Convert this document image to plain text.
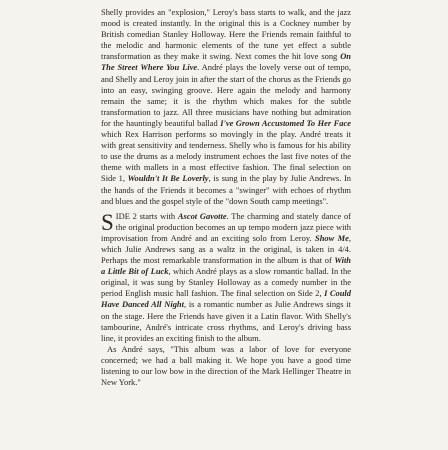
Shelly provides an "explosion," Leroy's bass starts to walk, and the jazz mood is created instantly. In the original this is a Cockney number by British comedian Stanley Holloway. Here the Friends remain faithful to the melodic and harmonic elements of the tune yet effect a subtle transformation as they make it swing. Next comes the hit love song On The Street Where You Live. André plays the lovely verse out of tempo, and Shelly and Leroy join in after the start of the chorus as the Friends go into an easy, swinging groove. Here again the melody and harmony remain the same; it is the rhythm which makes for the subtle transformation to jazz. All three musicians have nothing but admiration for the hauntingly beautiful ballad I've Grown Accustomed To Her Face which Rex Harrison performs so movingly in the play. André treats it with great sensitivity and tenderness. Shelly who is famous for his ability to use the drums as a melody instrument echoes the last five notes of the theme with mallets in a most effective fashion. The final selection on Side 1, Wouldn't It Be Loverly, is sung in the play by Julie Andrews. In the hands of the Friends it becomes a "swinger" with echoes of rhythm and blues and the gospel style of the "down South camp meetings".

SIDE 2 starts with Ascot Gavotte. The charming and stately dance of the original production becomes an up tempo modern jazz piece with improvisation from André and an exciting solo from Leroy. Show Me, which Julie Andrews sang as a waltz in the original, is taken in 4/4. Perhaps the most remarkable transformation in the album is that of With a Little Bit of Luck, which André plays as a slow romantic ballad. In the original, it was sung by Stanley Holloway as a comedy number in the period English music hall fashion. The final selection on Side 2, I Could Have Danced All Night, is a romantic number as Julie Andrews sings it on the stage. Here the Friends have given it a Latin flavor. With Shelly's tambourine, André's intricate cross rhythms, and Leroy's driving bass line, it provides an exciting finish to the album.

As André says, "This album was a labor of love for everyone concerned; we had a ball making it. We hope you have a good time listening to our low bow in the direction of the Mark Hellinger Theatre in New York."
